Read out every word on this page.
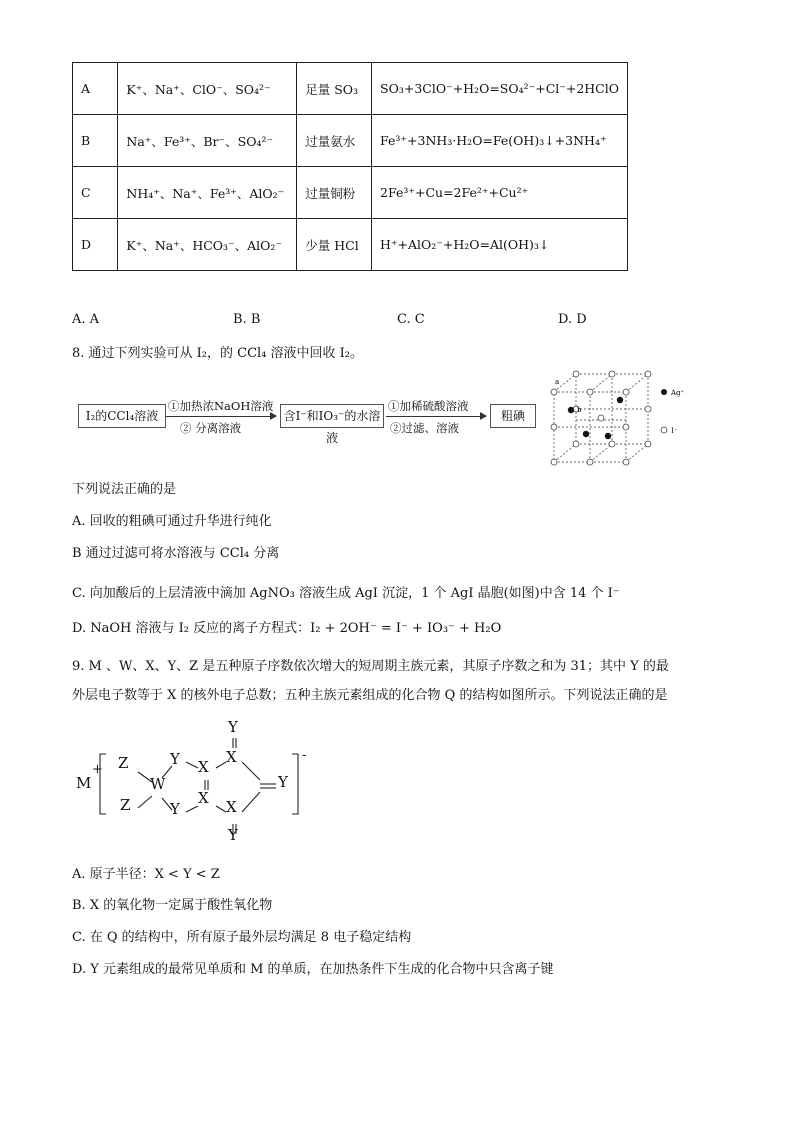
A	K⁺、Na⁺、ClO⁻、SO₄²⁻	足量 SO₃	SO₃+3ClO⁻+H₂O=SO₄²⁻+Cl⁻+2HClO
B	Na⁺、Fe³⁺、Br⁻、SO₄²⁻	过量氨水	Fe³⁺+3NH₃·H₂O=Fe(OH)₃↓+3NH₄⁺
C	NH₄⁺、Na⁺、Fe³⁺、AlO₂⁻	过量铜粉	2Fe³⁺+Cu=2Fe²⁺+Cu²⁺
D	K⁺、Na⁺、HCO₃⁻、AlO₂⁻	少量 HCl	H⁺+AlO₂⁻+H₂O=Al(OH)₃↓
A. A	B. B	C. C	D. D
8. 通过下列实验可从 I₂，的 CCl₄ 溶液中回收 I₂。
I₂的CCl₄溶液
①加热浓NaOH溶液
② 分离溶液
含I⁻和IO₃⁻的水溶液
①加稀硫酸溶液
②过滤、溶液
粗碘
a
b
Ag⁺
I⁻
下列说法正确的是
A. 回收的粗碘可通过升华进行纯化
B 通过过滤可将水溶液与 CCl₄ 分离
C. 向加酸后的上层清液中滴加 AgNO₃ 溶液生成 AgI 沉淀，1 个 AgI 晶胞(如图)中含 14 个 I⁻
D. NaOH 溶液与 I₂ 反应的离子方程式：I₂ + 2OH⁻ = I⁻ + IO₃⁻ + H₂O
9. M 、W、X、Y、Z 是五种原子序数依次增大的短周期主族元素，其原子序数之和为 31；其中 Y 的最
外层电子数等于 X 的核外电子总数；五种主族元素组成的化合物 Q 的结构如图所示。下列说法正确的是
M
+ Z
Z
W
Y
Y
X
X
X
X
Y
Y
Y
-
A. 原子半径：X < Y < Z
B. X 的氧化物一定属于酸性氧化物
C. 在 Q 的结构中，所有原子最外层均满足 8 电子稳定结构
D. Y 元素组成的最常见单质和 M 的单质，在加热条件下生成的化合物中只含离子键
